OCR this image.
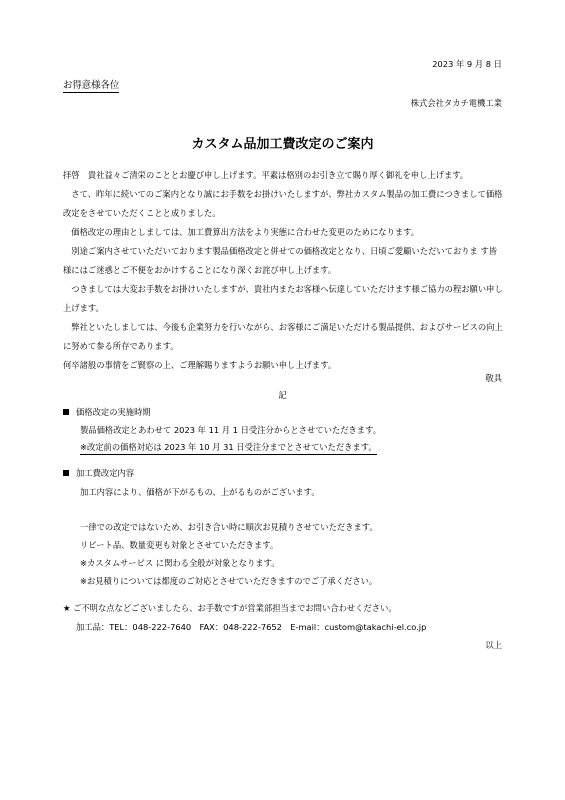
2023 年 9 月 8 日
お得意様各位
株式会社タカチ電機工業
カスタム品加工費改定のご案内
拝啓　貴社益々ご清栄のこととお慶び申し上げます。平素は格別のお引き立て賜り厚く御礼を申し上げます。
さて、昨年に続いてのご案内となり誠にお手数をお掛けいたしますが、弊社カスタム製品の加工費につきまして価格改定をさせていただくことと成りました。
価格改定の理由としましては、加工費算出方法をより実態に合わせた変更のためになります。
別途ご案内させていただいております製品価格改定と併せての価格改定となり、日頃ご愛顧いただいておりま す皆様にはご迷惑とご不便をおかけすることになり深くお詫び申し上げます。
つきましては大変お手数をお掛けいたしますが、貴社内またお客様へ伝達していただけます様ご協力の程お願い申し上げます。
弊社といたしましては、今後も企業努力を行いながら、お客様にご満足いただける製品提供、およびサービスの向上に努めて参る所存であります。
何卒諸般の事情をご賢察の上、ご理解賜りますようお願い申し上げます。
敬具
記
価格改定の実施時期
製品価格改定とあわせて 2023 年 11 月 1 日受注分からとさせていただきます。
※改定前の価格対応は 2023 年 10 月 31 日受注分までとさせていただきます。
加工費改定内容
加工内容により、価格が下がるもの、上がるものがございます。
一律での改定ではないため、お引き合い時に順次お見積りさせていただきます。
リピート品、数量変更も対象とさせていただきます。
※カスタムサービス に関わる全般が対象となります。
※お見積りについては都度のご対応とさせていただきますのでご了承ください。
★ ご不明な点などございましたら、お手数ですが営業部担当までお問い合わせください。
加工品：TEL：048-222-7640　FAX：048-222-7652　E-mail：custom@takachi-el.co.jp
以上
